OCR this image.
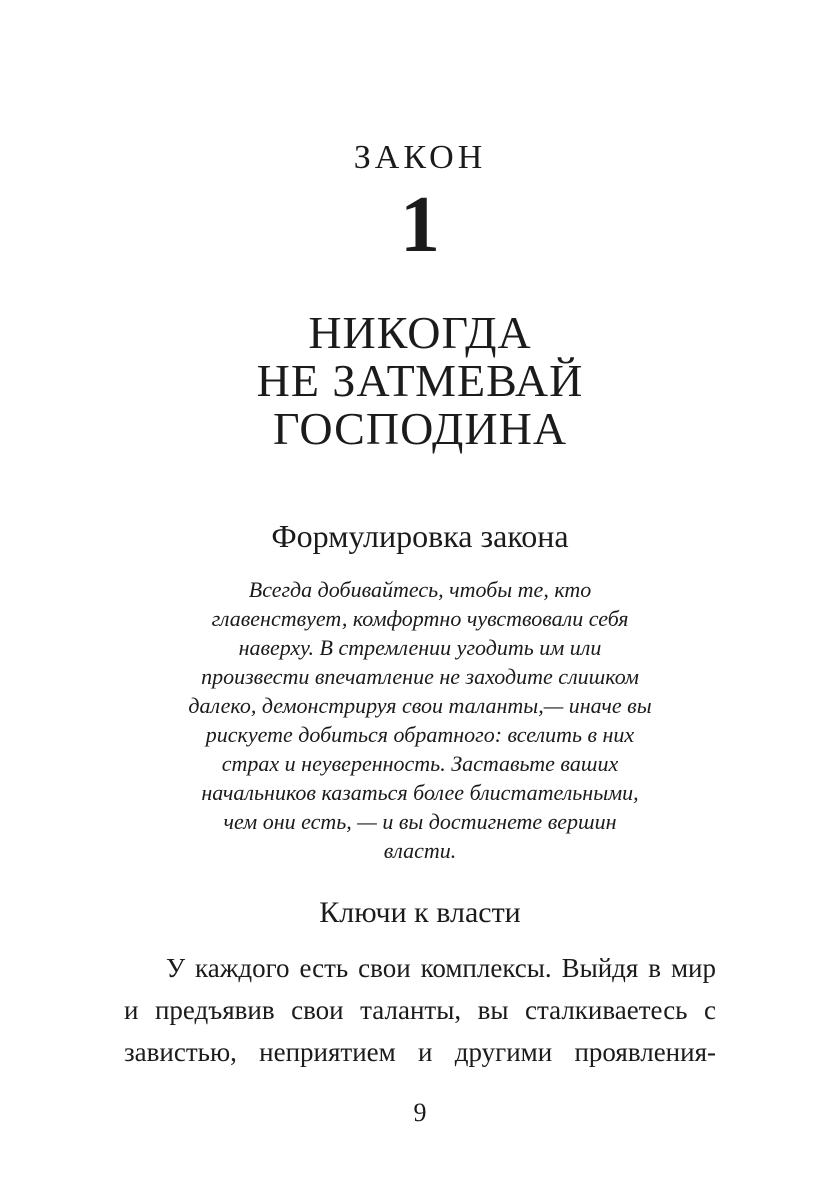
ЗАКОН
1
НИКОГДА
НЕ ЗАТМЕВАЙ
ГОСПОДИНА
Формулировка закона
Всегда добивайтесь, чтобы те, кто
главенствует, комфортно чувствовали себя
наверху. В стремлении угодить им или
произвести впечатление не заходите слишком
далеко, демонстрируя свои таланты,— иначе вы
рискуете добиться обратного: вселить в них
страх и неуверенность. Заставьте ваших
начальников казаться более блистательными,
чем они есть, — и вы достигнете вершин
власти.
Ключи к власти
У каждого есть свои комплексы. Выйдя в мир
и предъявив свои таланты, вы сталкиваетесь с
завистью, неприятием и другими проявления-
9
